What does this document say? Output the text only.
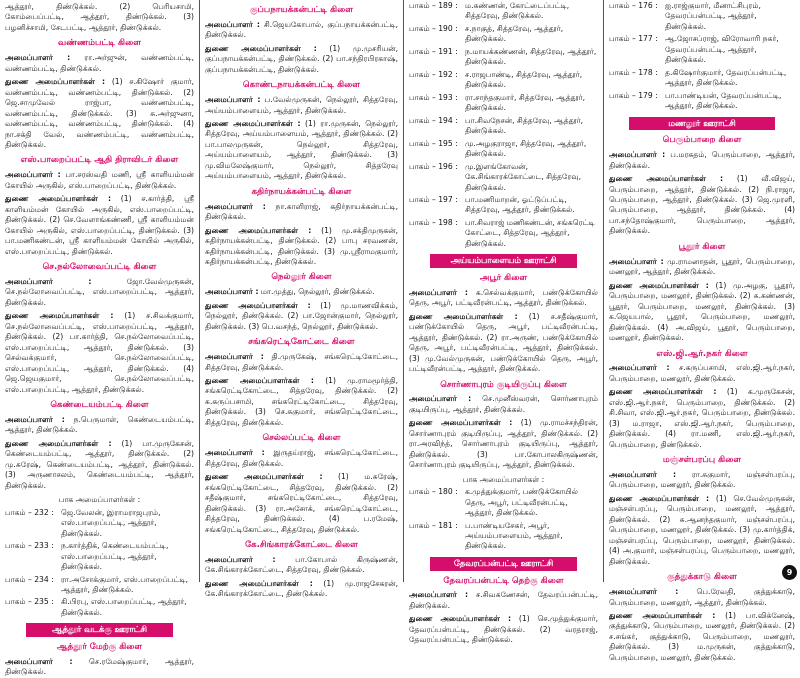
ஆத்தூர், திண்டுக்கல். (2) பெரியசாமி, கோம்பைப்பட்டி, ஆத்தூர், திண்டுக்கல். (3) பழனிச்சாமி, சேடபட்டி, ஆத்தூர், திண்டுக்கல்.

வண்ணம்பட்டி கிளை

அமைப்பாளர் : ரா.அர்ஜுன், வண்ணம்பட்டி, வண்ணம்பட்டி, திண்டுக்கல்.

துணை அமைப்பாளர்கள் : (1) ச.கிஷோர் குமார், வண்ணம்பட்டி, வண்ணம்பட்டி, திண்டுக்கல். (2) ஜெ.சாமுவேல் ராஜ்பா, வண்ணம்பட்டி, வண்ணம்பட்டி, திண்டுக்கல். (3) சு.அர்ஜுனா, வண்ணம்பட்டி, வண்ணம்பட்டி, திண்டுக்கல். (4) நா.சக்தி வேல், வண்ணம்பட்டி, வண்ணம்பட்டி, திண்டுக்கல்.

எஸ்.பாறைப்பட்டி ஆதி திராவிடர் கிளை

அமைப்பாளர் : பா.சரஸ்வதி மணி, ஸ்ரீ காளியம்மன் கோயில் அருகில், எஸ்.பாறைப்பட்டி, திண்டுக்கல்.

துணை அமைப்பாளர்கள் : (1) ச.கார்த்தி, ஸ்ரீ காளியம்மன் கோயில் அருகில், எஸ்.பாறைப்பட்டி, திண்டுக்கல். (2) செ.வேளாங்கண்ணி, ஸ்ரீ காளியம்மன் கோயில் அருகில், எஸ்.பாறைப்பட்டி, திண்டுக்கல். (3) பா.மணிகண்டன், ஸ்ரீ காளியம்மன் கோயில் அருகில், எஸ்.பாறைப்பட்டி, திண்டுக்கல்.

செ.நல்லோவைப்பட்டி கிளை

அமைப்பாளர் : ஜோ.வேல்முருகன், செ.நல்லோவைப்பட்டி, எஸ்.பாறைப்பட்டி, ஆத்தூர், திண்டுக்கல்.

துணை அமைப்பாளர்கள் : (1) ச.சிவக்குமார், செ.நல்லோவைப்பட்டி, எஸ்.பாறைப்பட்டி, ஆத்தூர், திண்டுக்கல். (2) பா.கார்த்தி, செ.நல்லோவைப்பட்டி, எஸ்.பாறைப்பட்டி, ஆத்தூர், திண்டுக்கல். (3) செல்வக்குமார், செ.நல்லோவைப்பட்டி, எஸ்.பாறைப்பட்டி, ஆத்தூர், திண்டுக்கல். (4) ஜெ.ஜெயகுமார், செ.நல்லோவைப்பட்டி, எஸ்.பாறைப்பட்டி, ஆத்தூர், திண்டுக்கல்.

கெண்டையம்பட்டி கிளை

அமைப்பாளர் : ந.பெருமாள், கெண்டையம்பட்டி, ஆத்தூர், திண்டுக்கல்.

துணை அமைப்பாளர்கள் : (1) பா.முருகேசன், கெண்டையம்பட்டி, ஆத்தூர், திண்டுக்கல். (2) மு.சுரேஷ், கெண்டையம்பட்டி, ஆத்தூர், திண்டுக்கல். (3) அருணாசலம், கெண்டையம்பட்டி, ஆத்தூர், திண்டுக்கல்.

பாக அமைப்பாளர்கள் :
பாகம் – 232 : ஜெ.வேலன், இராமராஜபுரம், எஸ்.பாறைப்பட்டி, ஆத்தூர், திண்டுக்கல்.
பாகம் – 233 : ந.கார்த்திக், கெண்டையம்பட்டி, எஸ்.பாறைப்பட்டி, ஆத்தூர், திண்டுக்கல்.
பாகம் – 234 : ரா.அசோக்குமார், எஸ்.பாறைப்பட்டி, ஆத்தூர், திண்டுக்கல்.
பாகம் – 235 : கி.பிரபு, எஸ்.பாறைப்பட்டி, ஆத்தூர், திண்டுக்கல்.
ஆத்தூர் வடக்கு ஊராட்சி
ஆத்தூர் மேற்கு கிளை

அமைப்பாளர் : செ.ரமேஷ்குமார், ஆத்தூர், திண்டுக்கல்.

குப்பநாயக்கன்பட்டி கிளை

அமைப்பாளர் : சி.ஜெயகோபால், குப்பநாயக்கன்பட்டி, திண்டுக்கல்.

துணை அமைப்பாளர்கள் : (1) மு.முசரியன், குப்பநாயக்கன்பட்டி, திண்டுக்கல். (2) பா.சந்திரபிரகாஷ், குப்பநாயக்கன்பட்டி, திண்டுக்கல்.

கொண்டநாயக்கன்பட்டி கிளை

அமைப்பாளர் : ப.வேல்முருகன், நெல்லூர், சித்தரேவு, அய்யம்பாளையம், ஆத்தூர், திண்டுக்கல்.

துணை அமைப்பாளர்கள் : (1) ரா.முருகன், நெல்லூர், சித்தரேவு, அய்யம்பாளையம், ஆத்தூர், திண்டுக்கல். (2) பா.பாலமுருகன், நெல்லூர், சித்தரேவு, அய்யம்பாளையம், ஆத்தூர், திண்டுக்கல். (3) மு.விமலேஷ்குமார், நெல்லூர், சித்தரேவு அய்யம்பாளையம், ஆத்தூர், திண்டுக்கல்.

கதிர்நாயக்கன்பட்டி கிளை

அமைப்பாளர் : நா.காளிராஜ், கதிர்நாயக்கன்பட்டி, திண்டுக்கல்.

துணை அமைப்பாளர்கள் : (1) மு.சக்திமுருகன், கதிர்நாயக்கன்பட்டி, திண்டுக்கல். (2) பாபு சரவணன், கதிர்நாயக்கன்பட்டி, திண்டுக்கல். (3) மு.ஸ்ரீராமகுமார், கதிர்நாயக்கன்பட்டி, திண்டுக்கல்.

நெல்லூர் கிளை

அமைப்பாளர் : மா.முத்து, நெல்லூர், திண்டுக்கல்.

துணை அமைப்பாளர்கள் : (1) மு.மாணவிக்கம், நெல்லூர், திண்டுக்கல். (2) பா.ஜோன்குமார், நெல்லூர், திண்டுக்கல். (3) பெ.வசந்த், நெல்லூர், திண்டுக்கல்.

சங்கரெட்டிகோட்டை கிளை

அமைப்பாளர் : தி.முருகேஷ், சங்கரெட்டிகோட்டை, சித்தரேவு, திண்டுக்கல்.

துணை அமைப்பாளர்கள் : (1) மு.ராமமூர்த்தி, சங்கரெட்டிகோட்டை, சித்தரேவு, திண்டுக்கல். (2) சு.கருப்பசாமி, சங்கரெட்டிகோட்டை, சித்தரேவு, திண்டுக்கல். (3) செ.சுகுமார், சங்கரெட்டிகோட்டை, சித்தரேவு, திண்டுக்கல்.

செல்லப்பட்டி கிளை

அமைப்பாளர் : இருதய்ராஜ், சங்கரெட்டிகோட்டை, சித்தரேவு, திண்டுக்கல்.

துணை அமைப்பாளர்கள் : (1) ம.சுரேஷ், சங்கரெட்டிகோட்டை, சித்தரேவு, திண்டுக்கல். (2) சதீஷ்குமார், சங்கரெட்டிகோட்டை, சித்தரேவு, திண்டுக்கல். (3) ரா.அசோக், சங்கரெட்டிகோட்டை, சித்தரேவு, திண்டுக்கல். (4) ப.ரமேஷ், சங்கரெட்டிகோட்டை, சித்தரேவு, திண்டுக்கல்.

கே.சிங்காரக்கோட்டை கிளை

அமைப்பாளர் : பா.கோபால் கிருஷ்ணன், கே.சிங்காரக்கோட்டை, சித்தரேவு, திண்டுக்கல்.

துணை அமைப்பாளர்கள் : (1) மு.ராஜசேகரன், கே.சிங்காரக்கோட்டை, திண்டுக்கல்.

பாகம் – 189 : ம.கண்ணன், கோட்டைப்பட்டி, சித்தரேவு, திண்டுக்கல்.
பாகம் – 190 : ச.நாகுத், சித்தரேவு, ஆத்தூர், திண்டுக்கல்.
பாகம் – 191 : ந.மாயக்கண்ணன், சித்தரேவு, ஆத்தூர், திண்டுக்கல்.
பாகம் – 192 : ச.ராஜபாண்டி, சித்தரேவு, ஆத்தூர், திண்டுக்கல்.
பாகம் – 193 : ரா.சாந்தகுமார், சித்தரேவு, ஆத்தூர், திண்டுக்கல்.
பாகம் – 194 : பா.சிவநேசன், சித்தரேவு, ஆத்தூர், திண்டுக்கல்.
பாகம் – 195 : மு.அழகுராஜா, சித்தரேவு, ஆத்தூர், திண்டுக்கல்.
பாகம் – 196 : மு.இளங்கோவன், கே.சிங்காரக்கோட்டை, சித்தரேவு, திண்டுக்கல்.
பாகம் – 197 : பா.மணிமாறன், ஓட்டுப்பட்டி, சித்தரேவு, ஆத்தூர், திண்டுக்கல்.
பாகம் – 198 : பா.சிவராஜ் மணிகண்டன், சங்கரெட்டி கோட்டை, சித்தரேவு, ஆத்தூர், திண்டுக்கல்.
அய்யம்பாளையம் ஊராட்சி
அபூர் கிளை

அமைப்பாளர் : க.செல்வக்குமார், பண்டுக்கோயில் தெரு, அபூர், பட்டிவீரன்பட்டி, ஆத்தூர், திண்டுக்கல்.

துணை அமைப்பாளர்கள் : (1) ச.சதீஷ்குமார், பண்டுக்கோயில் தெரு, அபூர், பட்டிவீரன்பட்டி, ஆத்தூர், திண்டுக்கல். (2) ரா.அருண், பண்டுக்கோயில் தெரு, அபூர், பட்டிவீரன்பட்டி, ஆத்தூர், திண்டுக்கல். (3) மு.வேல்முருகன், பண்டுக்கோயில் தெரு, அபூர், பட்டிவீரன்பட்டி, ஆத்தூர், திண்டுக்கல்.

சொர்ணாபுரம் குடியிருப்பு கிளை

அமைப்பாளர் : செ.முனீஸ்வரன், சொர்ணாபுரம் குடியிருப்பு, ஆத்தூர், திண்டுக்கல்.

துணை அமைப்பாளர்கள் : (1) மு.ராமச்சந்திரன், சொர்ணாபுரம் குடியிருப்பு, ஆத்தூர், திண்டுக்கல். (2) ரா.அரவிந்த், சொர்ணாபுரம் குடியிருப்பு, ஆத்தூர், திண்டுக்கல். (3) பா.கோபாலகிருஷ்ணன், சொர்ணாபுரம் குடியிருப்பு, ஆத்தூர், திண்டுக்கல்.

பாக அமைப்பாளர்கள் :
பாகம் – 180 : க.முத்துக்குமார், பண்டுக்கோயில் தெரு, அபூர், பட்டிவீரன்பட்டி, ஆத்தூர், திண்டுக்கல்.
பாகம் – 181 : ப.பாண்டியசேகர், அபூர், அய்யம்பாளையம், ஆத்தூர், திண்டுக்கல்.
தேவரப்பன்பட்டி ஊராட்சி
தேவரப்பன்பட்டி தெற்கு கிளை

அமைப்பாளர் : ச.சிவகணேசன், தேவரப்பன்பட்டி, திண்டுக்கல்.

துணை அமைப்பாளர்கள் : (1) செ.முத்துக்குமார், தேவரப்பன்பட்டி, திண்டுக்கல். (2) வரதராஜ், தேவரப்பன்பட்டி, திண்டுக்கல்.

பாகம் – 176 : ஐ.ராஜ்குமார், மீனாட்சிபுரம், தேவரப்பன்பட்டி, ஆத்தூர், திண்டுக்கல்.
பாகம் – 177 : ஆ.ஜோசப்ராஜ், விரோவாரி நகர், தேவரப்பன்பட்டி, ஆத்தூர், திண்டுக்கல்.
பாகம் – 178 : த.கிஷோர்குமார், தேவரப்பன்பட்டி, ஆத்தூர், திண்டுக்கல்.
பாகம் – 179 : பா.பாண்டியன், தேவரப்பன்பட்டி, ஆத்தூர், திண்டுக்கல்.
மணலூர் ஊராட்சி
பெரும்பாறை கிளை

அமைப்பாளர் : ப.மரகதம், பெரும்பாறை, ஆத்தூர், திண்டுக்கல்.

துணை அமைப்பாளர்கள் : (1) வீ.விஜய், பெரும்பாறை, ஆத்தூர், திண்டுக்கல். (2) நி.ராஜா, பெரும்பாறை, ஆத்தூர், திண்டுக்கல். (3) ஜெ.முரளி, பெரும்பாறை, ஆத்தூர், திண்டுக்கல். (4) பா.சந்தோஷ்குமார், பெரும்பாறை, ஆத்தூர், திண்டுக்கல்.

பூதூர் கிளை

அமைப்பாளர் : மு.ராமனாதன், பூதூர், பெரும்பாறை, மணலூர், ஆத்தூர், திண்டுக்கல்.

துணை அமைப்பாளர்கள் : (1) மு.அழகு, பூதூர், பெரும்பாறை, மணலூர், திண்டுக்கல். (2) சு.கண்ணன், பூதூர், பெரும்பாறை, மணலூர், திண்டுக்கல். (3) க.ஜெயபால், பூதூர், பெரும்பாறை, மணலூர், திண்டுக்கல். (4) அ.விஜய், பூதூர், பெரும்பாறை, மணலூர், திண்டுக்கல்.

எஸ்.ஜி.ஆர்.நகர் கிளை

அமைப்பாளர் : ச.கருப்பசாமி, எஸ்.ஜி.ஆர்.நகர், பெரும்பாறை, மணலூர், திண்டுக்கல்.

துணை அமைப்பாளர்கள் : (1) க.முருகேசன், எஸ்.ஜி.ஆர்.நகர், பெரும்பாறை, திண்டுக்கல். (2) சி.சிவா, எஸ்.ஜி.ஆர்.நகர், பெரும்பாறை, திண்டுக்கல். (3) ம.ராஜா, எஸ்.ஜி.ஆர்.நகர், பெரும்பாறை, திண்டுக்கல். (4) ரா.மணி, எஸ்.ஜி.ஆர்.நகர், பெரும்பாறை, திண்டுக்கல்.

மஞ்சள்பரப்பு கிளை

அமைப்பாளர் : ரா.சுகுமார், மஞ்சள்பரப்பு, பெரும்பாறை, மணலூர், திண்டுக்கல்.

துணை அமைப்பாளர்கள் : (1) செ.வேல்முருகன், மஞ்சள்பரப்பு, பெரும்பாறை, மணலூர், ஆத்தூர், திண்டுக்கல். (2) சு.ஆனந்தகுமார், மஞ்சள்பரப்பு, பெரும்பாறை, மணலூர், திண்டுக்கல். (3) மு.கார்த்திக், மஞ்சள்பரப்பு, பெரும்பாறை, மணலூர், திண்டுக்கல். (4) அ.குமார், மஞ்சள்பரப்பு, பெரும்பாறை, மணலூர், திண்டுக்கல்.

குத்துக்காடு கிளை

அமைப்பாளர் : பெ.ரேவதி, குத்துக்காடு, பெரும்பாறை, மணலூர், ஆத்தூர், திண்டுக்கல்.

துணை அமைப்பாளர்கள் : (1) பா.விக்னேஷ், குத்துக்காடு, பெரும்பாறை, மணலூர், திண்டுக்கல். (2) ச.சங்கர், குத்துக்காடு, பெரும்பாறை, மணலூர், திண்டுக்கல். (3) ம.முருகன், குத்துக்காடு, பெரும்பாறை, மணலூர், திண்டுக்கல்.

9
